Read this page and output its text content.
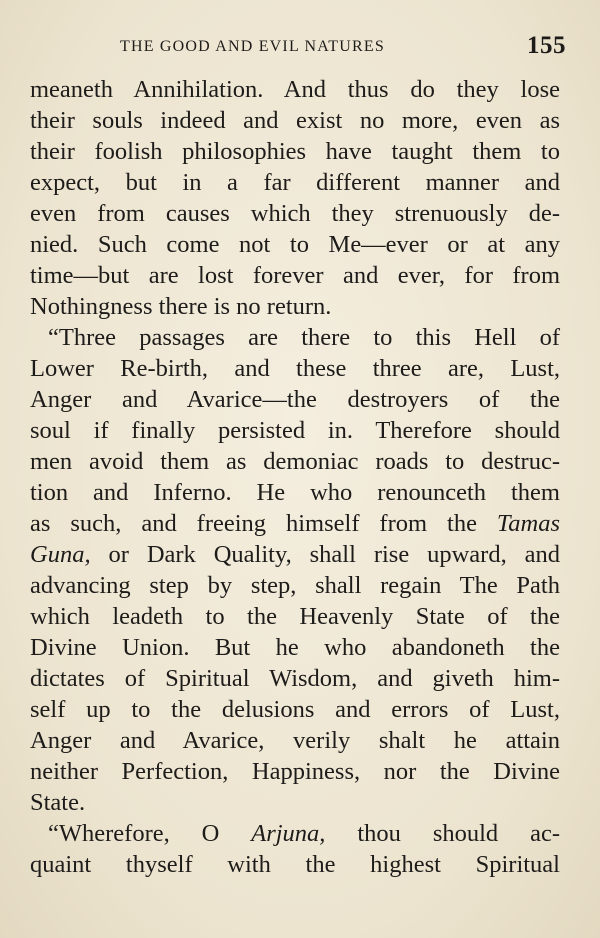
THE GOOD AND EVIL NATURES	155
meaneth Annihilation. And thus do they lose
their souls indeed and exist no more, even as
their foolish philosophies have taught them to
expect, but in a far different manner and
even from causes which they strenuously de-
nied. Such come not to Me—ever or at any
time—but are lost forever and ever, for from
Nothingness there is no return.
“Three passages are there to this Hell of
Lower Re-birth, and these three are, Lust,
Anger and Avarice—the destroyers of the
soul if finally persisted in. Therefore should
men avoid them as demoniac roads to destruc-
tion and Inferno. He who renounceth them
as such, and freeing himself from the Tamas
Guna, or Dark Quality, shall rise upward, and
advancing step by step, shall regain The Path
which leadeth to the Heavenly State of the
Divine Union. But he who abandoneth the
dictates of Spiritual Wisdom, and giveth him-
self up to the delusions and errors of Lust,
Anger and Avarice, verily shalt he attain
neither Perfection, Happiness, nor the Divine
State.
“Wherefore, O Arjuna, thou should ac-
quaint thyself with the highest Spiritual
